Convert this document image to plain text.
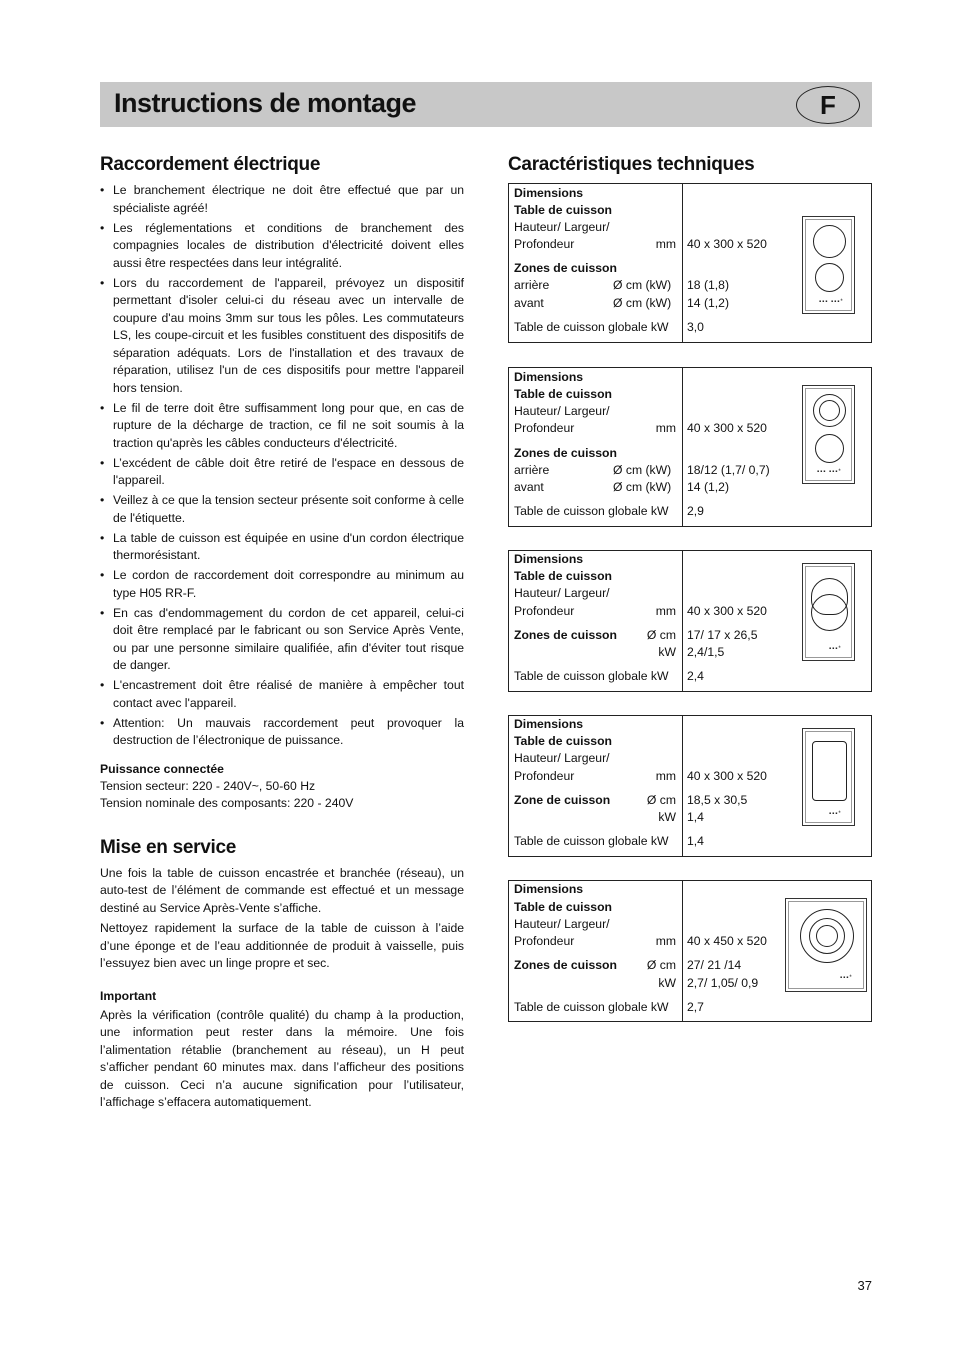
Instructions de montage	F
Raccordement électrique
• Le branchement électrique ne doit être effectué que par un spécialiste agréé!
• Les réglementations et conditions de branchement des compagnies locales de distribution d'électricité doivent elles aussi être respectées dans leur intégralité.
• Lors du raccordement de l'appareil, prévoyez un dispositif permettant d'isoler celui-ci du réseau avec un intervalle de coupure d'au moins 3mm sur tous les pôles. Les commutateurs LS, les coupe-circuit et les fusibles constituent des dispositifs de séparation adéquats. Lors de l'installation et des travaux de réparation, utilisez l'un de ces dispositifs pour mettre l'appareil hors tension.
• Le fil de terre doit être suffisamment long pour que, en cas de rupture de la décharge de traction, ce fil ne soit soumis à la traction qu'après les câbles conducteurs d'électricité.
• L’excédent de câble doit être retiré de l'espace en dessous de l'appareil.
• Veillez à ce que la tension secteur présente soit conforme à celle de l'étiquette.
• La table de cuisson est équipée en usine d'un cordon électrique thermorésistant.
• Le cordon de raccordement doit correspondre au minimum au type H05 RR-F.
• En cas d'endommagement du cordon de cet appareil, celui-ci doit être remplacé par le fabricant ou son Service Après Vente, ou par une personne similaire qualifiée, afin d'éviter tout risque de danger.
• L'encastrement doit être réalisé de manière à empêcher tout contact avec l'appareil.
• Attention: Un mauvais raccordement peut provoquer la destruction de l’électronique de puissance.
Puissance connectée
Tension secteur: 220 - 240V~, 50-60 Hz
Tension nominale des composants: 220 - 240V
Mise en service

Une fois la table de cuisson encastrée et branchée (réseau), un auto-test de l’élément de commande est effectué et un message destiné au Service Après-Vente s’affiche.

Nettoyez rapidement la surface de la table de cuisson à l’aide d’une éponge et de l’eau additionnée de produit à vaisselle, puis l’essuyez bien avec un linge propre et sec.

Important

Après la vérification (contrôle qualité) du champ à la production, une information peut rester dans la mémoire. Une fois l’alimentation rétablie (branchement au réseau), un H peut s’afficher pendant 60 minutes max. dans l’afficheur des positions de cuisson. Ceci n’a aucune signification pour l’utilisateur, l’affichage s’effacera automatiquement.

Caractéristiques techniques
Dimensions
Table de cuisson
Hauteur/ Largeur/
Profondeur	mm 40 x 300 x 520
Zones de cuisson
arrière	Ø cm (kW) 18 (1,8)
avant	Ø cm (kW) 14 (1,2)
Table de cuisson globale kW 3,0
▪▪▪ ▪▪▪*
Dimensions
Table de cuisson
Hauteur/ Largeur/
Profondeur	mm 40 x 300 x 520
Zones de cuisson
arrière	Ø cm (kW) 18/12 (1,7/ 0,7)
avant	Ø cm (kW) 14 (1,2)
Table de cuisson globale kW 2,9
▪▪▪ ▪▪▪*
Dimensions
Table de cuisson
Hauteur/ Largeur/
Profondeur	mm 40 x 300 x 520
Zones de cuisson Ø cm 17/ 17 x 26,5
kW 2,4/1,5
Table de cuisson globale kW 2,4
▪▪▪*
Dimensions
Table de cuisson
Hauteur/ Largeur/
Profondeur	mm 40 x 300 x 520
Zone de cuisson	Ø cm 18,5 x 30,5
kW 1,4
Table de cuisson globale kW 1,4
▪▪▪*
Dimensions
Table de cuisson
Hauteur/ Largeur/
Profondeur	mm 40 x 450 x 520
Zones de cuisson Ø cm 27/ 21 /14
kW 2,7/ 1,05/ 0,9
Table de cuisson globale kW 2,7
▪▪▪*
37
